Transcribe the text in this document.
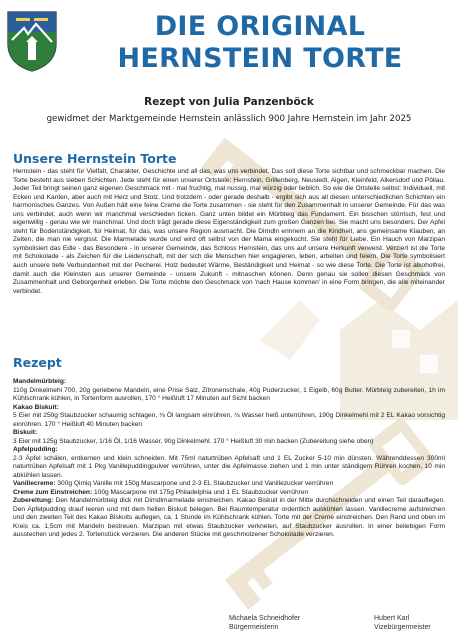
DIE ORIGINAL
HERNSTEIN TORTE
Rezept von Julia Panzenböck
gewidmet der Marktgemeinde Hernstein anlässlich 900 Jahre Hernstein im Jahr 2025
Unsere Hernstein Torte

Hernstein - das steht für Vielfalt, Charakter, Geschichte und all das, was uns verbindet. Das soll diese Torte sichtbar und schmeckbar machen. Die Torte besteht aus sieben Schichten. Jede steht für einen unserer Ortsteile: Hernstein, Grillenberg, Neusiedl, Aigen, Kleinfeld, Alkersdorf und Pöllau. Jeder Teil bringt seinen ganz eigenen Geschmack mit - mal fruchtig, mal nussig, mal würzig oder lieblich. So wie die Ortsteile selbst: Individuell, mit Ecken und Kanten, aber auch mit Herz und Stolz. Und trotzdem - oder gerade deshalb - ergibt sich aus all diesen unterschiedlichen Schichten ein harmonisches Ganzes. Von Außen hält eine feine Creme die Torte zusammen - sie steht für den Zusammenhalt in unserer Gemeinde. Für das was uns verbindet, auch wenn wir manchmal verschieden ticken. Ganz unten bildet ein Mürbteig das Fundament. Ein bisschen störrisch, fest und eigenwillig - genau wie wir manchmal. Und doch trägt gerade diese Eigenständigkeit zum großen Ganzen bei. Sie macht uns besonders. Der Apfel steht für Bodenständigkeit, für Heimat, für das, was unsere Region ausmacht. Die Dirndln erinnern an die Kindheit, ans gemeinsame Klauben, an Zeiten, die man nie vergisst. Die Marmelade wurde und wird oft selbst von der Mama eingekocht. Sie steht für Liebe. Ein Hauch von Marzipan symbolisiert das Edle - das Besondere - in unserer Gemeinde, das Schloss Hernstein, das uns auf unsere Herkunft verweist. Verziert ist die Torte mit Schokolade - als Zeichen für die Leidenschaft, mit der sich die Menschen hier engagieren, leben, arbeiten und feiern. Die Torte symbolisiert auch unsere tiefe Verbundenheit mit der Pecherei. Holz bedeutet Wärme, Beständigkeit und Heimat - so wie diese Torte. Die Torte ist alkoholfrei, damit auch die Kleinsten aus unserer Gemeinde - unsere Zukunft - mitnaschen können. Denn genau sie sollen diesen Geschmack von Zusammenhalt und Geborgenheit erleben. Die Torte möchte den Geschmack von 'nach Hause kommen' in eine Form bringen, die alle miteinander verbindet.

Rezept
Mandelmürbteig:
110g Dinkelmehl 700, 20g geriebene Mandeln, eine Prise Salz, Zitronenschale, 40g Puderzucker, 1 Eigelb, 60g Butter. Mürbteig zubereiten, 1h im Kühlschrank kühlen, in Tortenform ausrollen, 170 ° Heißluft 17 Minuten auf Sicht backen
Kakao Biskuit:
5 Eier mit 250g Staubzucker schaumig schlagen, ⅛ Öl langsam einrühren, ⅛ Wasser heiß unterrühren, 190g Dinkelmehl mit 2 EL Kakao vorsichtig einrühren. 170 ° Heißluft 40 Minuten backen
Biskuit:
3 Eier mit 125g Staubzucker, 1/16 Öl, 1/16 Wasser, 90g Dinkelmehl. 170 ° Heißluft 30 min backen (Zubereitung siehe oben)
Apfelpudding:
2-3 Äpfel schälen, entkernen und klein schneiden. Mit 75ml naturtrüben Apfelsaft und 1 EL Zucker 5-10 min dünsten. Währenddessen 300ml naturtrüben Apfelsaft mit 1 Pkg Vanillepuddingpulver verrühren, unter die Apfelmasse ziehen und 1 min unter ständigem Rühren kochen, 10 min abkühlen lassen.
Vanillecreme: 300g Qimiq Vanille mit 150g Mascarpone und 2-3 EL Staubzucker und Vanillezucker verrühren
Creme zum Einstreichen: 100g Mascarpone mit 175g Philadelphia und 1 EL Staubzucker verrühren
Zubereitung: Den Mandelmürbteig dick mit Dirndlmarmelade einstreichen. Kakao Biskuit in der Mitte durchschneiden und einen Teil darauflegen. Den Apfelpudding drauf leeren und mit dem hellen Biskuit belegen. Bei Raumtemperatur ordentlich auskühlen lassen. Vanillecreme aufstreichen und den zweiten Teil des Kakao Biskuits auflegen, ca. 1 Stunde im Kühlschrank kühlen. Torte mit der Creme einstreichen. Den Rand und oben im Kreis ca. 1,5cm mit Mandeln bestreuen. Marzipan mit etwas Staubzucker verkneten, auf Staubzucker ausrollen. In einer beliebigen Form ausstechen und jedes 2. Tortenstück verzieren. Die anderen Stücke mit geschmolzener Schokolade verzieren.
Michaela Schneidhofer
Bürgermeisterin
Hubert Karl
Vizebürgermeister
